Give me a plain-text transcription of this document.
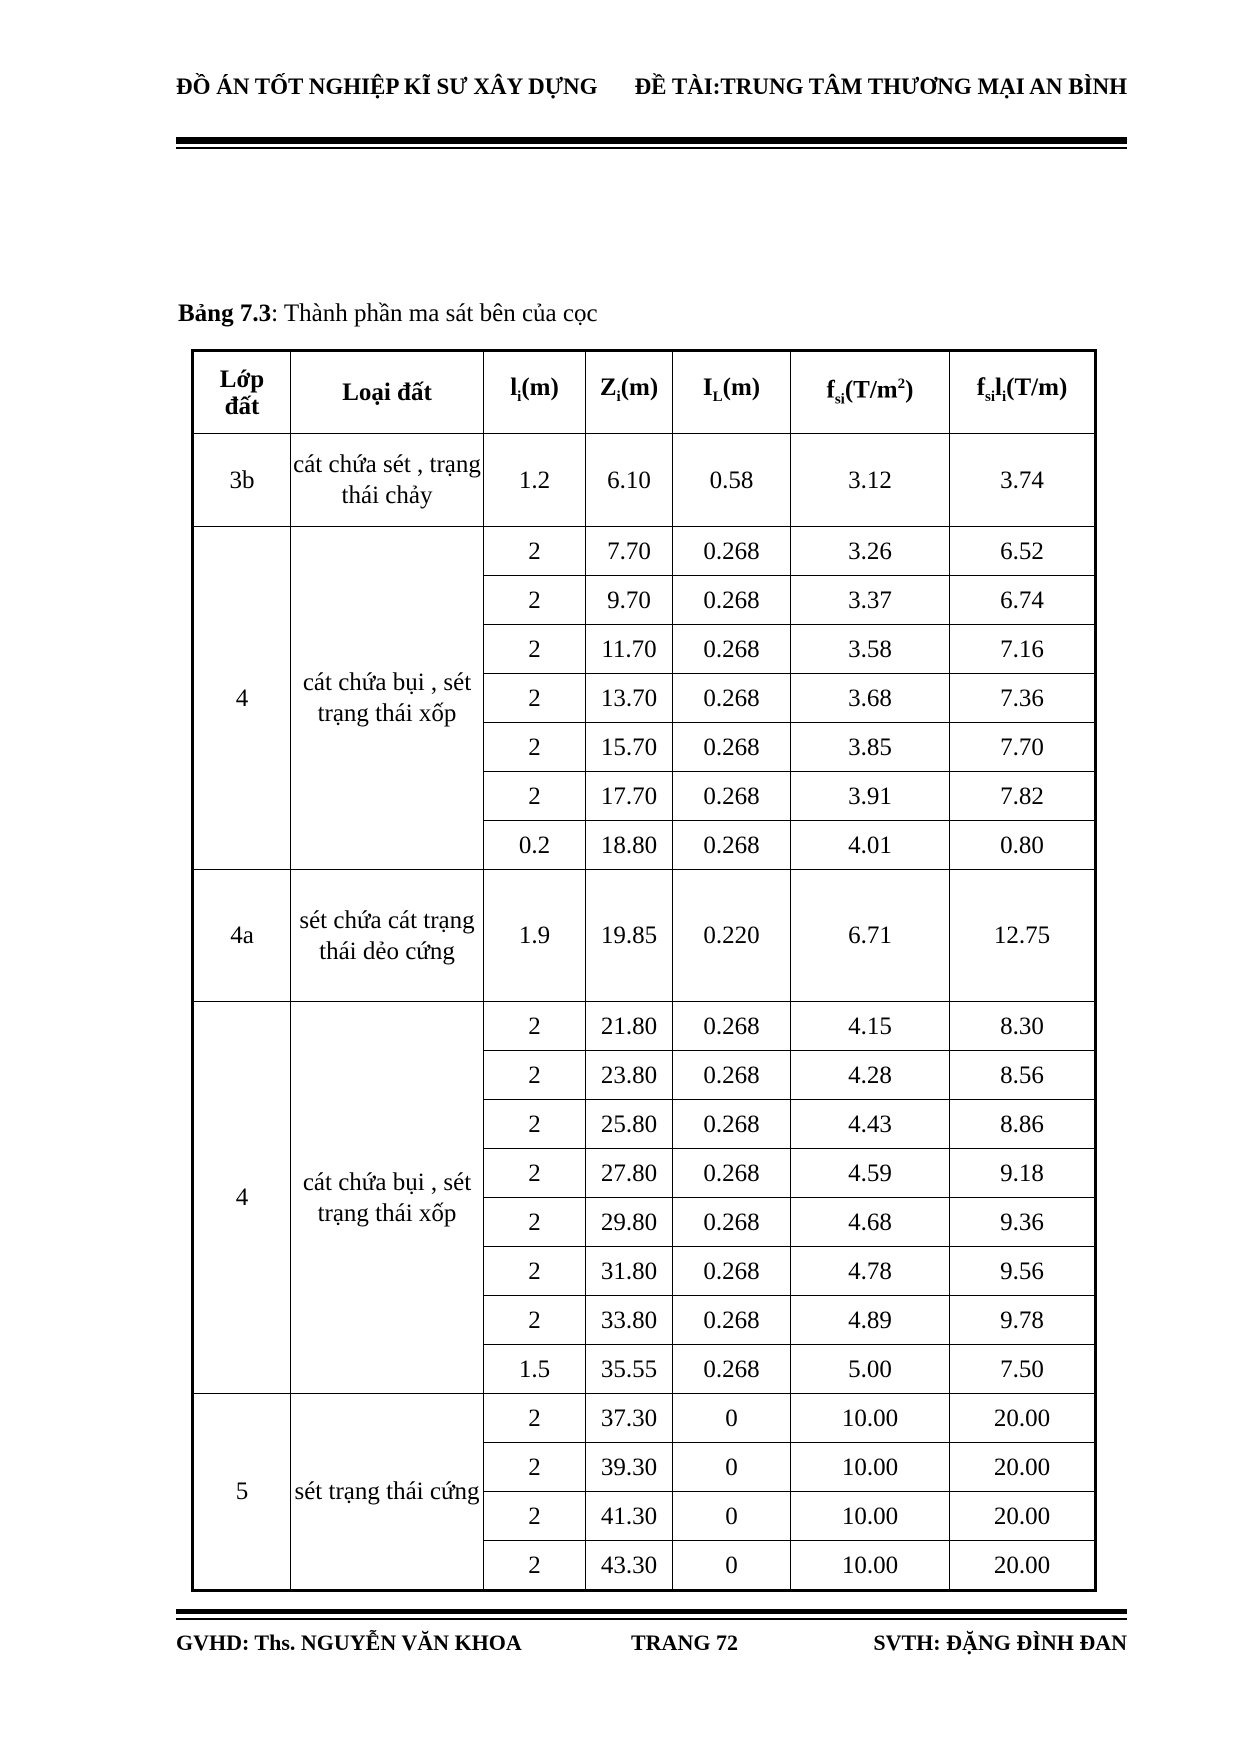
ĐỒ ÁN TỐT NGHIỆP KĨ SƯ XÂY DỰNG ĐỀ TÀI:TRUNG TÂM THƯƠNG MẠI AN BÌNH
Bảng 7.3: Thành phần ma sát bên của cọc
Lớp
đất	Loại đất	$l_i(m)$	$Z_i(m)$	$I_L(m)$	$f_{si}(T/m^2)$	$f_{si}l_i(T/m)$
3b	cát chứa sét , trạng thái chảy	1.2	6.10	0.58	3.12	3.74
4	cát chứa bụi , sét trạng thái xốp	2	7.70	0.268	3.26	6.52
		2	9.70	0.268	3.37	6.74
		2	11.70	0.268	3.58	7.16
		2	13.70	0.268	3.68	7.36
		2	15.70	0.268	3.85	7.70
		2	17.70	0.268	3.91	7.82
		0.2	18.80	0.268	4.01	0.80
4a	sét chứa cát trạng thái dẻo cứng	1.9	19.85	0.220	6.71	12.75
4	cát chứa bụi , sét trạng thái xốp	2	21.80	0.268	4.15	8.30
		2	23.80	0.268	4.28	8.56
		2	25.80	0.268	4.43	8.86
		2	27.80	0.268	4.59	9.18
		2	29.80	0.268	4.68	9.36
		2	31.80	0.268	4.78	9.56
		2	33.80	0.268	4.89	9.78
		1.5	35.55	0.268	5.00	7.50
5	sét trạng thái cứng	2	37.30	0	10.00	20.00
		2	39.30	0	10.00	20.00
		2	41.30	0	10.00	20.00
		2	43.30	0	10.00	20.00
GVHD: Ths. NGUYỄN VĂN KHOA	TRANG 72	SVTH: ĐẶNG ĐÌNH ĐAN
